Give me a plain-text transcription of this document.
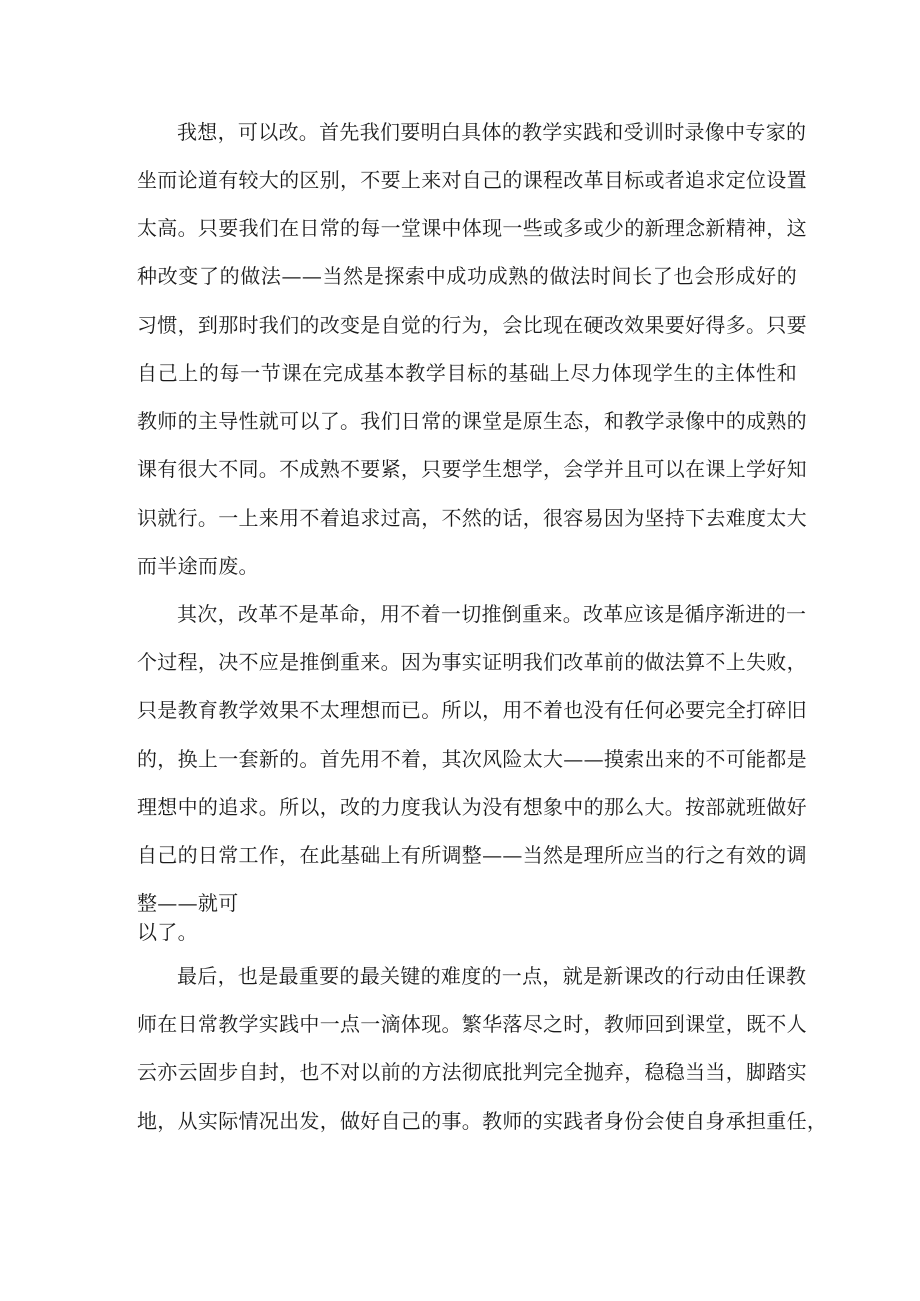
我想，可以改。首先我们要明白具体的教学实践和受训时录像中专家的
坐而论道有较大的区别，不要上来对自己的课程改革目标或者追求定位设置
太高。只要我们在日常的每一堂课中体现一些或多或少的新理念新精神，这
种改变了的做法——当然是探索中成功成熟的做法时间长了也会形成好的
习惯，到那时我们的改变是自觉的行为，会比现在硬改效果要好得多。只要
自己上的每一节课在完成基本教学目标的基础上尽力体现学生的主体性和
教师的主导性就可以了。我们日常的课堂是原生态，和教学录像中的成熟的
课有很大不同。不成熟不要紧，只要学生想学，会学并且可以在课上学好知
识就行。一上来用不着追求过高，不然的话，很容易因为坚持下去难度太大
而半途而废。
其次，改革不是革命，用不着一切推倒重来。改革应该是循序渐进的一
个过程，决不应是推倒重来。因为事实证明我们改革前的做法算不上失败，
只是教育教学效果不太理想而已。所以，用不着也没有任何必要完全打碎旧
的，换上一套新的。首先用不着，其次风险太大——摸索出来的不可能都是
理想中的追求。所以，改的力度我认为没有想象中的那么大。按部就班做好
自己的日常工作，在此基础上有所调整——当然是理所应当的行之有效的调
整——就可
以了。
最后，也是最重要的最关键的难度的一点，就是新课改的行动由任课教
师在日常教学实践中一点一滴体现。繁华落尽之时，教师回到课堂，既不人
云亦云固步自封，也不对以前的方法彻底批判完全抛弃，稳稳当当，脚踏实
地，从实际情况出发，做好自己的事。教师的实践者身份会使自身承担重任，
